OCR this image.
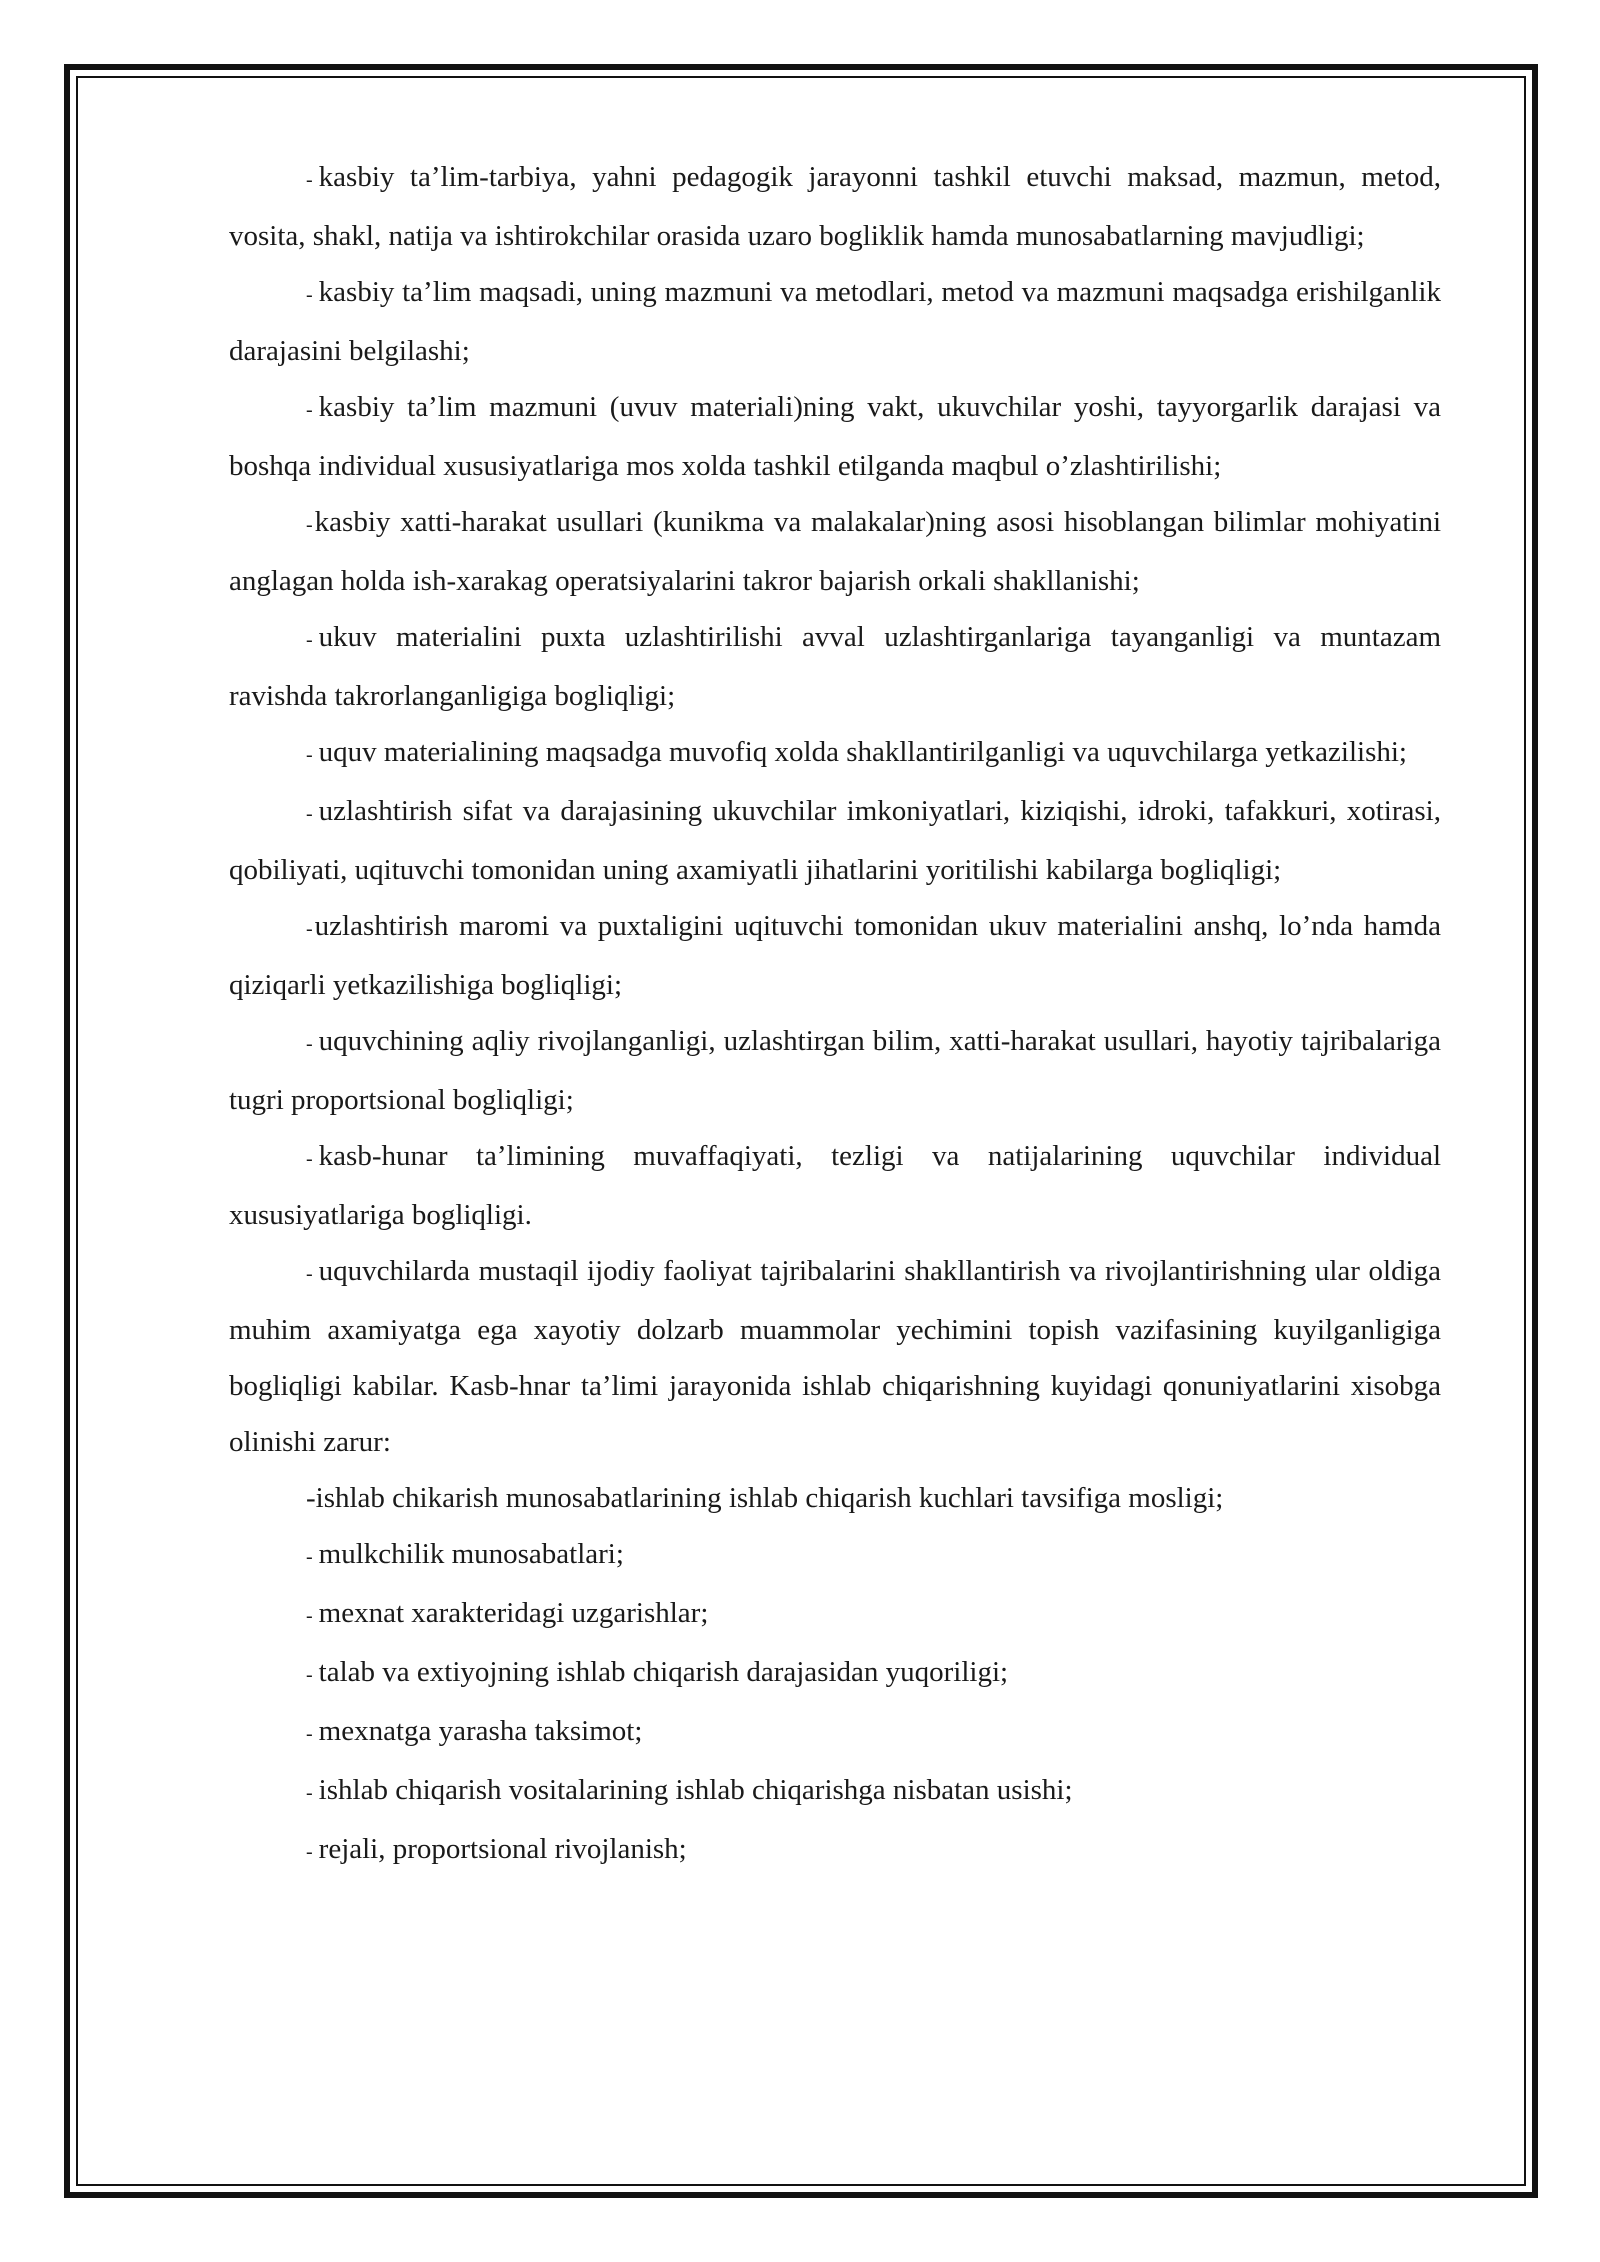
- kasbiy ta’lim-tarbiya, yahni pedagogik jarayonni tashkil etuvchi maksad, mazmun, metod, vosita, shakl, natija va ishtirokchilar orasida uzaro bogliklik hamda munosabatlarning mavjudligi;

- kasbiy ta’lim maqsadi, uning mazmuni va metodlari, metod va mazmuni maqsadga erishilganlik darajasini belgilashi;

- kasbiy ta’lim mazmuni (uvuv materiali)ning vakt, ukuvchilar yoshi, tayyorgarlik darajasi va boshqa individual xususiyatlariga mos xolda tashkil etilganda maqbul o’zlashtirilishi;

-kasbiy xatti-harakat usullari (kunikma va malakalar)ning asosi hisoblangan bilimlar mohiyatini anglagan holda ish-xarakag operatsiyalarini takror bajarish orkali shakllanishi;

- ukuv materialini puxta uzlashtirilishi avval uzlashtirganlariga tayanganligi va muntazam ravishda takrorlanganligiga bogliqligi;

- uquv materialining maqsadga muvofiq xolda shakllantirilganligi va uquvchilarga yetkazilishi;

- uzlashtirish sifat va darajasining ukuvchilar imkoniyatlari, kiziqishi, idroki, tafakkuri, xotirasi, qobiliyati, uqituvchi tomonidan uning axamiyatli jihatlarini yoritilishi kabilarga bogliqligi;

-uzlashtirish maromi va puxtaligini uqituvchi tomonidan ukuv materialini anshq, lo’nda hamda qiziqarli yetkazilishiga bogliqligi;

- uquvchining aqliy rivojlanganligi, uzlashtirgan bilim, xatti-harakat usullari, hayotiy tajribalariga tugri proportsional bogliqligi;

- kasb-hunar ta’limining muvaffaqiyati, tezligi va natijalarining uquvchilar individual xususiyatlariga bogliqligi.

- uquvchilarda mustaqil ijodiy faoliyat tajribalarini shakllantirish va rivojlantirishning ular oldiga muhim axamiyatga ega xayotiy dolzarb muammolar yechimini topish vazifasining kuyilganligiga bogliqligi kabilar. Kasb-hnar ta’limi jarayonida ishlab chiqarishning kuyidagi qonuniyatlarini xisobga olinishi zarur:

-ishlab chikarish munosabatlarining ishlab chiqarish kuchlari tavsifiga mosligi;

- mulkchilik munosabatlari;

- mexnat xarakteridagi uzgarishlar;

- talab va extiyojning ishlab chiqarish darajasidan yuqoriligi;

- mexnatga yarasha taksimot;

- ishlab chiqarish vositalarining ishlab chiqarishga nisbatan usishi;

- rejali, proportsional rivojlanish;
